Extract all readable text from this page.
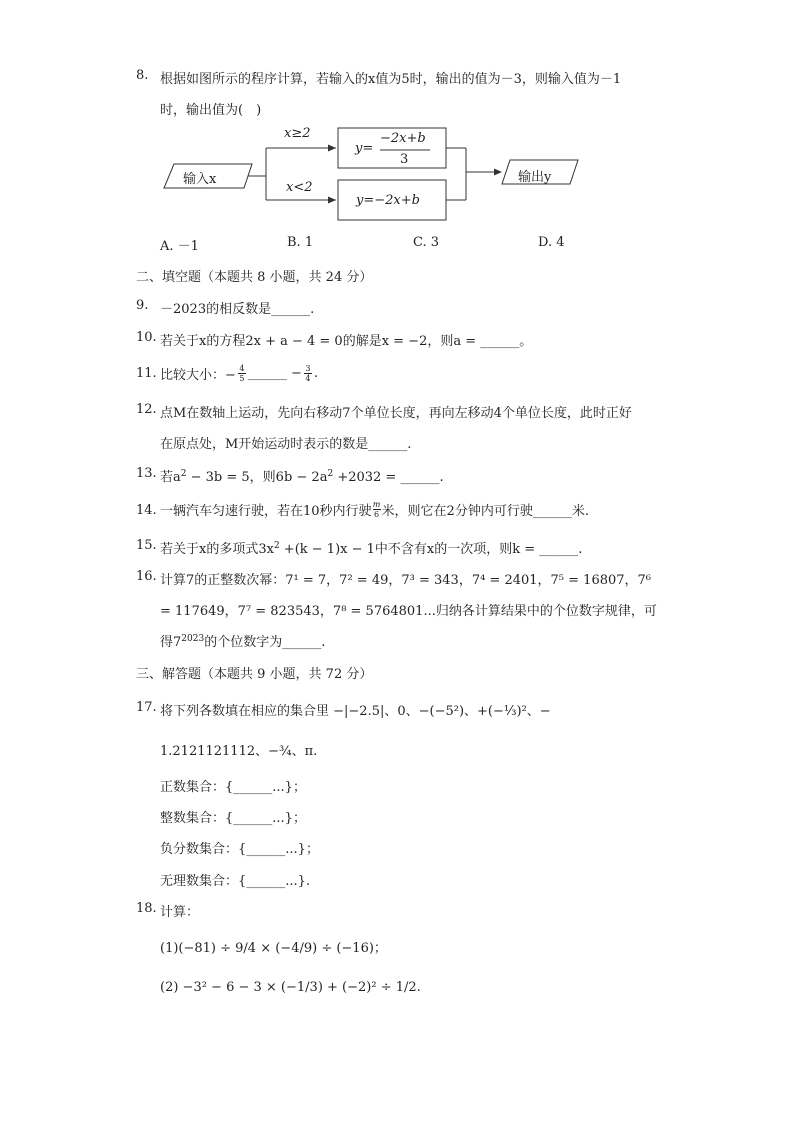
8. 根据如图所示的程序计算，若输入的x值为5时，输出的值为－3，则输入值为－1
时，输出值为(　)
输入x
x≥2
x<2
y=
−2x+b
3
y=−2x+b
输出y
A. －1	B. 1	C. 3	D. 4
二、填空题（本题共 8 小题，共 24 分）
9. －2023的相反数是______.
10. 若关于x的方程2x + a − 4 = 0的解是x = −2，则a = ______。
11. 比较大小：− 4
5 ______ − 3
4 .
12. 点M在数轴上运动，先向右移动7个单位长度，再向左移动4个单位长度，此时正好
在原点处，M开始运动时表示的数是______.
13. 若$a^2 - 3b = 5$，则$6b - 2a^2 +2032$ = ______.
14. 一辆汽车匀速行驶，若在10秒内行驶 m
6 米，则它在2分钟内可行驶______米.
15. 若关于x的多项式$3x^2 +(k - 1)x - 1$中不含有x的一次项，则k = ______.
16. 计算7的正整数次幂：7¹ = 7，7² = 49，7³ = 343，7⁴ = 2401，7⁵ = 16807，7⁶
= 117649，7⁷ = 823543，7⁸ = 5764801...归纳各计算结果中的个位数字规律，可
得$7^{2023}$的个位数字为______.
三、解答题（本题共 9 小题，共 72 分）
17. 将下列各数填在相应的集合里 −|−2.5|、0、−(−5²)、+(−⅓)²、−
1.2121121112、−¾、π.
正数集合：{______...}；
整数集合：{______...}；
负分数集合：{______...}；
无理数集合：{______...}.
18. 计算：
(1)(−81) ÷ 9/4 × (−4/9) ÷ (−16)；
(2) −3² − 6 − 3 × (−1/3) + (−2)² ÷ 1/2.
